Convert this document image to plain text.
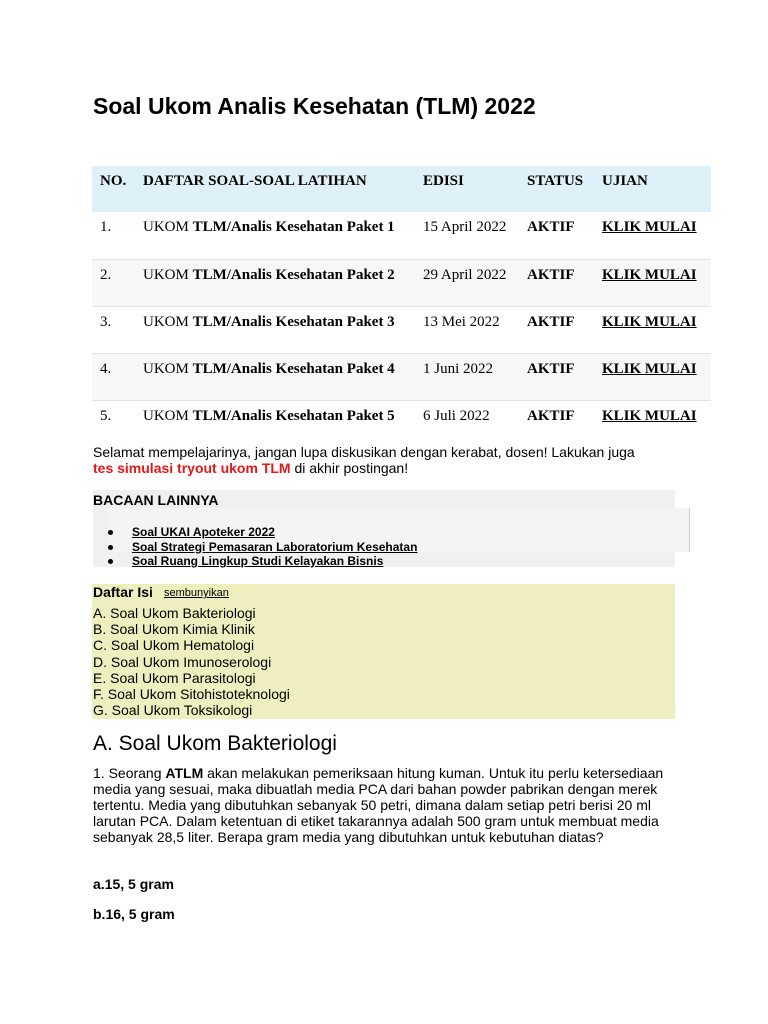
Soal Ukom Analis Kesehatan (TLM) 2022
NO.	DAFTAR SOAL-SOAL LATIHAN	EDISI	STATUS	UJIAN
1.	UKOM TLM/Analis Kesehatan Paket 1	15 April 2022	AKTIF	KLIK MULAI
2.	UKOM TLM/Analis Kesehatan Paket 2	29 April 2022	AKTIF	KLIK MULAI
3.	UKOM TLM/Analis Kesehatan Paket 3	13 Mei 2022	AKTIF	KLIK MULAI
4.	UKOM TLM/Analis Kesehatan Paket 4	1 Juni 2022	AKTIF	KLIK MULAI
5.	UKOM TLM/Analis Kesehatan Paket 5	6 Juli 2022	AKTIF	KLIK MULAI

Selamat mempelajarinya, jangan lupa diskusikan dengan kerabat, dosen! Lakukan juga  tes simulasi tryout ukom TLM di akhir postingan!

BACAAN LAINNYA
Soal UKAI Apoteker 2022
Soal Strategi Pemasaran Laboratorium Kesehatan
Soal Ruang Lingkup Studi Kelayakan Bisnis
Daftar Isi sembunyikan
A. Soal Ukom Bakteriologi
B. Soal Ukom Kimia Klinik
C. Soal Ukom Hematologi
D. Soal Ukom Imunoserologi
E. Soal Ukom Parasitologi
F. Soal Ukom Sitohistoteknologi
G. Soal Ukom Toksikologi
A. Soal Ukom Bakteriologi

1. Seorang ATLM akan melakukan pemeriksaan hitung kuman. Untuk itu perlu ketersediaan media yang sesuai, maka dibuatlah media PCA dari bahan powder pabrikan dengan merek tertentu. Media yang dibutuhkan sebanyak 50 petri, dimana dalam setiap petri berisi 20 ml larutan PCA. Dalam ketentuan di etiket takarannya adalah 500 gram untuk membuat media sebanyak 28,5 liter. Berapa gram media yang dibutuhkan untuk kebutuhan diatas?

a.15, 5 gram
b.16, 5 gram
